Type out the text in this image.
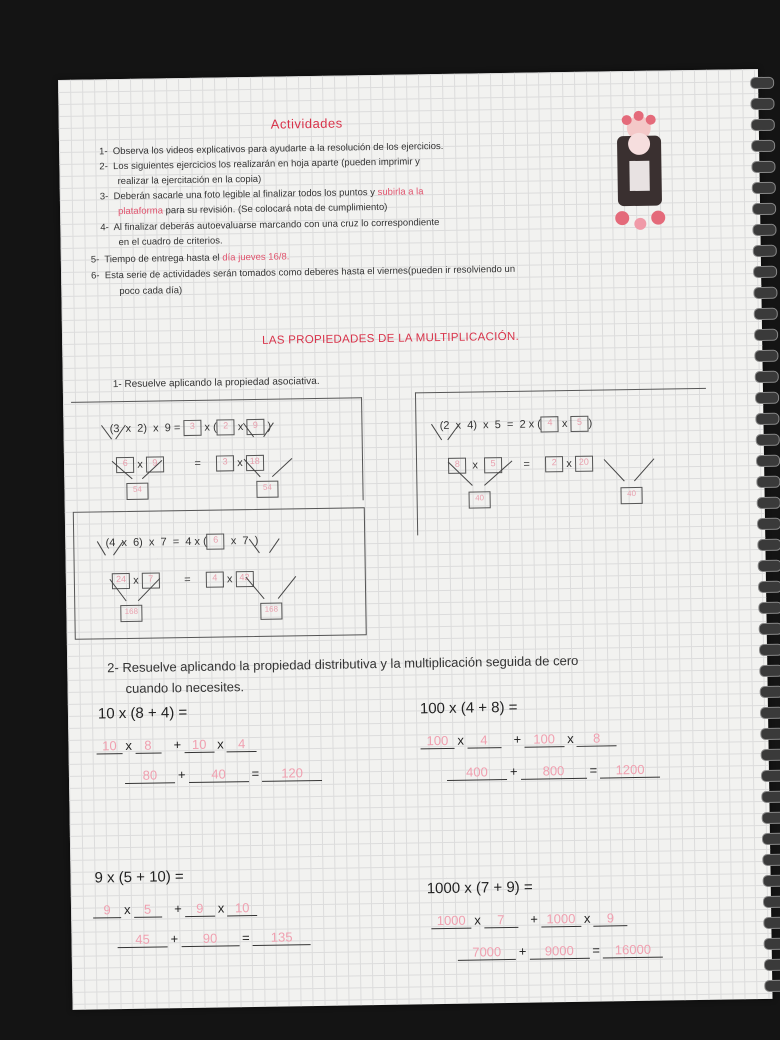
Actividades
1- Observa los videos explicativos para ayudarte a la resolución de los ejercicios.
2- Los siguientes ejercicios los realizarán en hoja aparte (pueden imprimir y
realizar la ejercitación en la copia)
3- Deberán sacarle una foto legible al finalizar todos los puntos y subirla a la
plataforma para su revisión. (Se colocará nota de cumplimiento)
4- Al finalizar deberás autoevaluarse marcando con una cruz lo correspondiente
en el cuadro de criterios.
5- Tiempo de entrega hasta el día jueves 16/8.
6- Esta serie de actividades serán tomados como deberes hasta el viernes(pueden ir resolviendo un
poco cada día)
LAS PROPIEDADES DE LA MULTIPLICACIÓN.
1- Resuelve aplicando la propiedad asociativa.

(3  x  2)  x  9 =	3 x ( 2 x	9 )

6 x	9	=	3 x 18

54	54

(2  x  4)  x  5 = 2 x ( 4 x	5 )

8	x	5	=	2 x 20

40	40

(4  x  6)  x  7 = 4 x ( 6	x 7  )

24 x	7	=	4 x 42

168	168
2- Resuelve aplicando la propiedad distributiva y la multiplicación seguida de cero
cuando lo necesites.
10 x (8 + 4) =
10 x 8 + 10 x 4
80 + 40 = 120
100 x (4 + 8) =
100 x 4 + 100 x 8
400 + 800 = 1200
9 x (5 + 10) =
9 x 5 + 9 x 10
45 + 90 = 135
1000 x (7 + 9) =
1000 x 7 + 1000 x 9
7000 + 9000 = 16000
